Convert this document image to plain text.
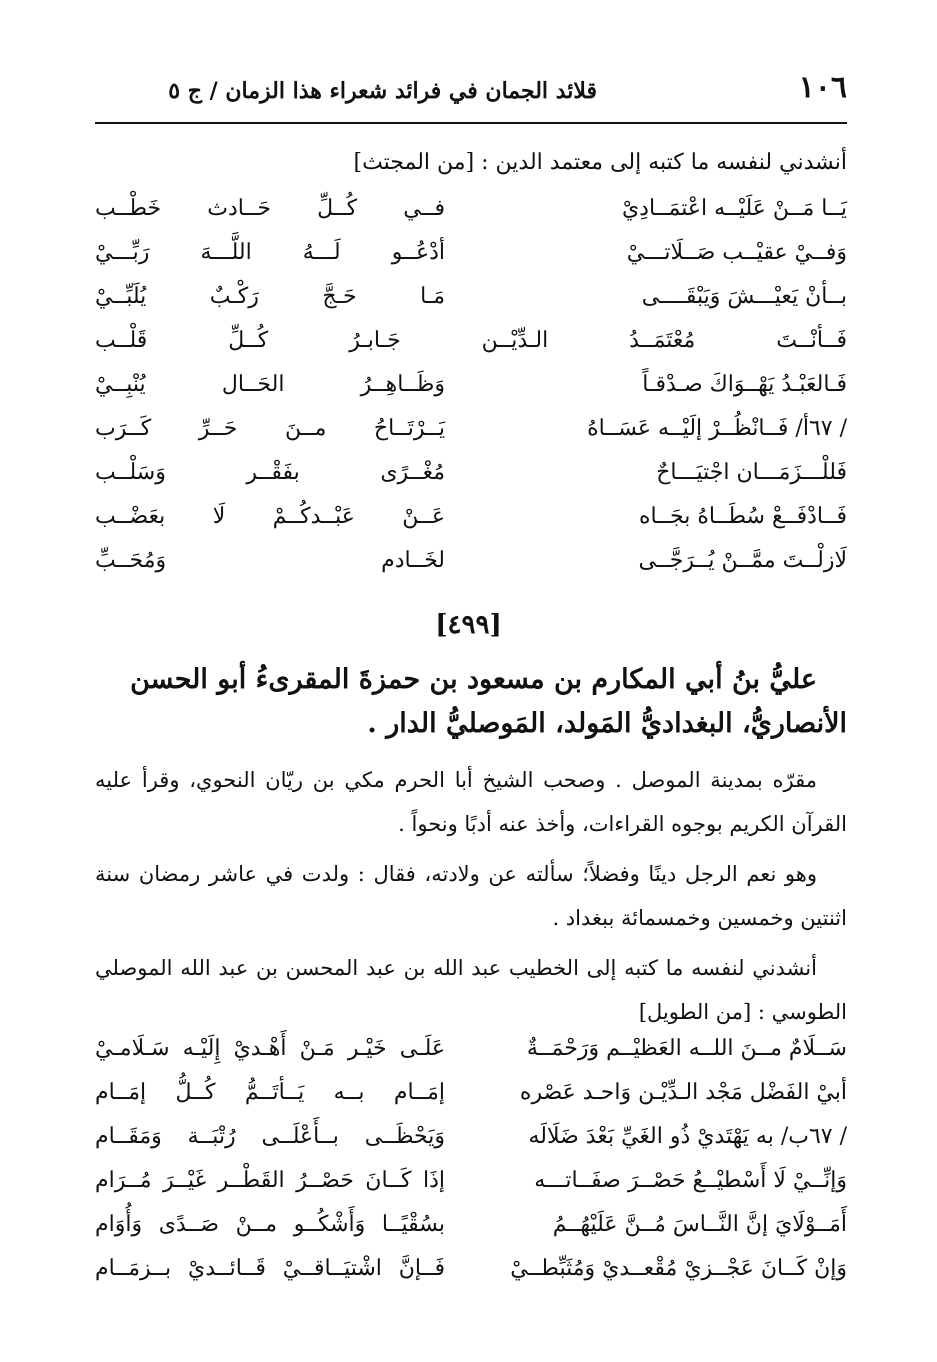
١٠٦
قلائد الجمان في فرائد شعراء هذا الزمان / ج ٥
أنشدني لنفسه ما كتبه إلى معتمد الدين : [من المجتث]
يَــا مَــنْ عَلَيْــه اعْتمَــادِيْ
فــي كُــلِّ حَــادث خَطْــب
وَفــيْ عقيْــب صَــلَاتـــيْ
أدْعُــو لَـــهُ اللَّـــهَ رَبِّـــيْ
بــأنْ يَعيْـــشَ وَيَبْقَــــى
مَـا حَـجَّ رَكْـبٌ يُلَبِّــيْ
فَــأنْــتَ مُعْتَمَــدُ الـدِّيْــن جَـابـرُ كُــلِّ قَلْــب
فَـالعَبْـدُ يَهْــوَاكَ صـدْقـاً
وَظَــاهِــرُ الحَــال يُنْبِــيْ
/ ٦٧أ/ فَــانْظُــرْ إلَيْــه عَسَــاهُ
يَــرْتَــاحُ مــنَ حَــرِّ كَــرَب
فَللْـــزَمَـــان اجْتيَـــاحٌ
مُغْــرًى بفَقْــر وَسَلْــب
فَــادْفَــعْ سُطَــاهُ بجَــاه
عَــنْ عَبْــدكُــمْ لَا بعَضْــب
لَازلْــتَ ممَّــنْ يُــرَجَّــى
لخَــادم وَمُحَــبِّ
[٤٩٩]
عليُّ بنُ أبي المكارم بن مسعود بن حمزةَ المقرىءُ أبو الحسن
الأنصاريُّ، البغداديُّ المَولد، المَوصليُّ الدار .
مقرّه بمدينة الموصل . وصحب الشيخ أبا الحرم مكي بن ريّان النحوي، وقرأ عليه القرآن الكريم بوجوه القراءات، وأخذ عنه أدبًا ونحواً .
وهو نعم الرجل دينًا وفضلاً؛ سألته عن ولادته، فقال : ولدت في عاشر رمضان سنة اثنتين وخمسين وخمسمائة ببغداد .
أنشدني لنفسه ما كتبه إلى الخطيب عبد الله بن عبد المحسن بن عبد الله الموصلي الطوسي : [من الطويل]
سَــلَامٌ مــنَ اللــه العَظيْــم وَرَحْمَــةٌ
عَلَـى خَيْـر مَـنْ أَهْـديْ إِلَيْـه سَـلَامـيْ
أبيْ الفَضْل مَجْد الـدِّيْـن وَاحـد عَصْره
إمَــام بــه يَــأتَــمُّ كُــلُّ إمَــام
/ ٦٧ب/ به يَهْتَديْ ذُو الغَيِّ بَعْدَ ضَلَالَه
وَيَحْظَــى بــأَعْلَــى رُتْبَــة وَمَقَــام
وَإنِّــيْ لَا أَسْطيْــعُ حَصْــرَ صفَــاتـــه
إذَا كَــانَ حَصْــرُ القَطْــر غَيْــرَ مُــرَام
أَمَــوْلَايَ إنَّ النَّــاسَ مُــنَّ عَلَيْهُــمُ
بسُقْيًــا وَأَشْكُــو مــنْ صَــدًى وَأُوَام
وَإنْ كَــانَ عَجْــزيْ مُقْعــديْ وَمُثَبِّطــيْ
فَــإنَّ اشْتيَــاقــيْ قَــائــديْ بــزمَــام
